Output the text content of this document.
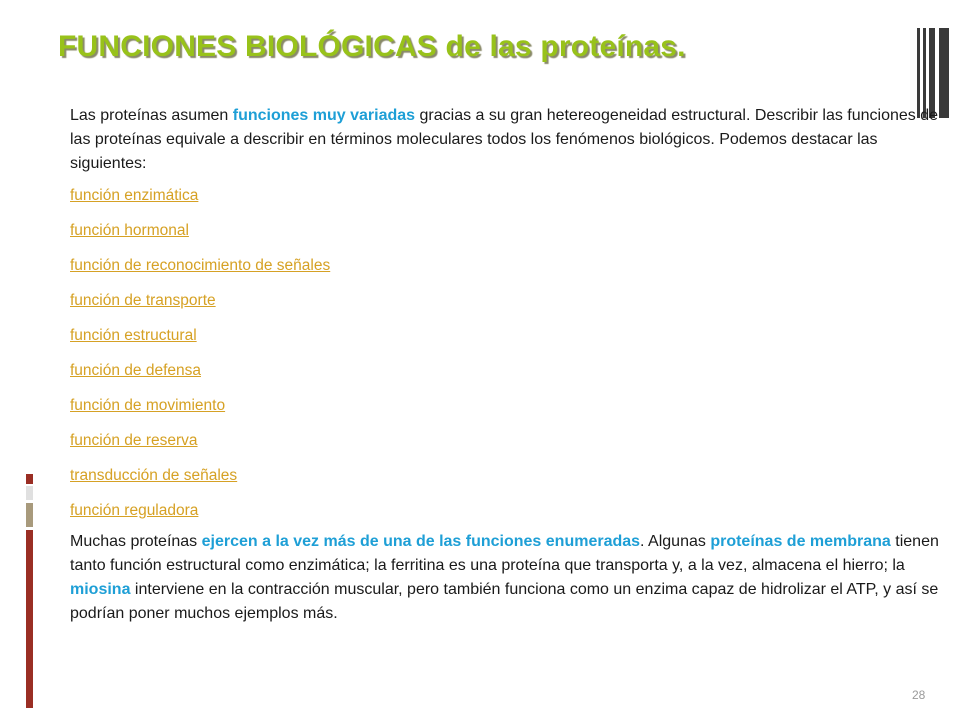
FUNCIONES BIOLÓGICAS de las proteínas.

Las proteínas asumen funciones muy variadas gracias a su gran hetereogeneidad estructural. Describir las funciones de las proteínas equivale a describir en términos moleculares todos los fenómenos biológicos. Podemos destacar las siguientes:

función enzimática
función hormonal
función de reconocimiento de señales
función de transporte
función estructural
función de defensa
función de movimiento
función de reserva
transducción de señales
función reguladora

Muchas proteínas ejercen a la vez más de una de las funciones enumeradas. Algunas proteínas de membrana tienen tanto función estructural como enzimática; la ferritina es una proteína que transporta y, a la vez, almacena el hierro; la miosina interviene en la contracción muscular, pero también funciona como un enzima capaz de hidrolizar el ATP, y así se podrían poner muchos ejemplos más.

28
